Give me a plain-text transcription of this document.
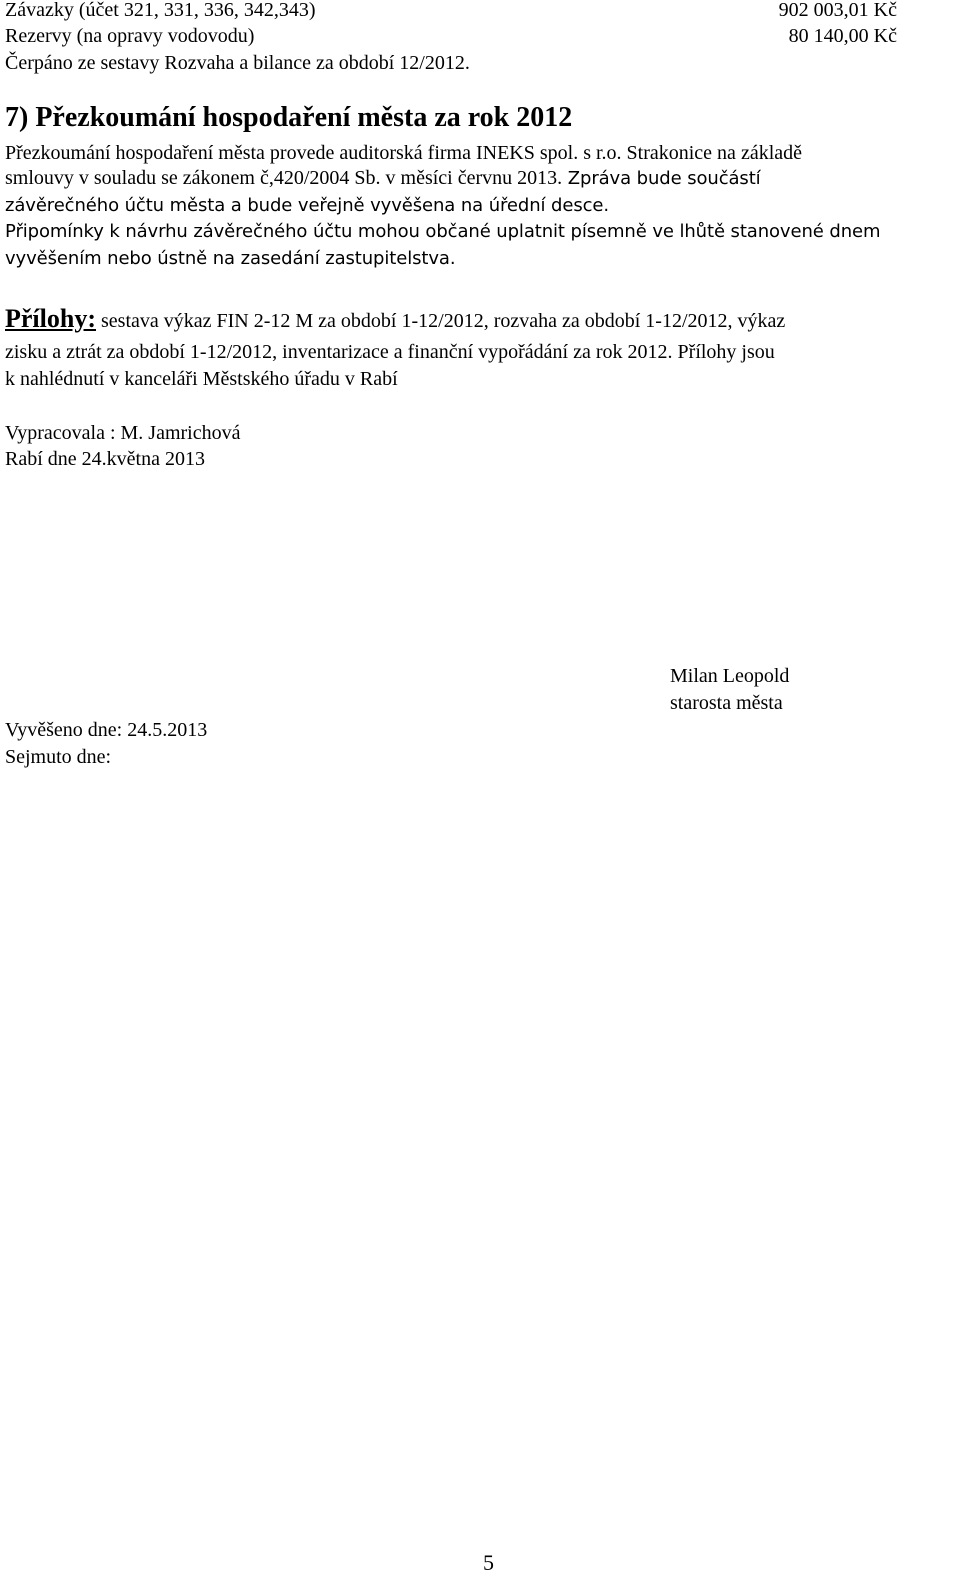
Závazky (účet 321, 331, 336, 342,343)	902 003,01 Kč
Rezervy (na opravy vodovodu)	80 140,00 Kč
Čerpáno ze sestavy Rozvaha a bilance za období 12/2012.
7) Přezkoumání hospodaření města za rok 2012
Přezkoumání hospodaření města provede auditorská firma INEKS spol. s r.o. Strakonice na základě
smlouvy v souladu se zákonem č,420/2004 Sb. v měsíci červnu 2013. Zpráva bude součástí
závěrečného účtu města a bude veřejně vyvěšena na úřední desce.
Připomínky k návrhu závěrečného účtu mohou občané uplatnit písemně ve lhůtě stanovené dnem
vyvěšením nebo ústně na zasedání zastupitelstva.
Přílohy: sestava výkaz FIN 2-12 M za období 1-12/2012, rozvaha za období 1-12/2012, výkaz
zisku a ztrát za období 1-12/2012, inventarizace a finanční vypořádání za rok 2012. Přílohy jsou
k nahlédnutí v kanceláři Městského úřadu v Rabí
Vypracovala : M. Jamrichová
Rabí dne 24.května 2013
Milan Leopold
starosta města
Vyvěšeno dne: 24.5.2013
Sejmuto dne:
5
